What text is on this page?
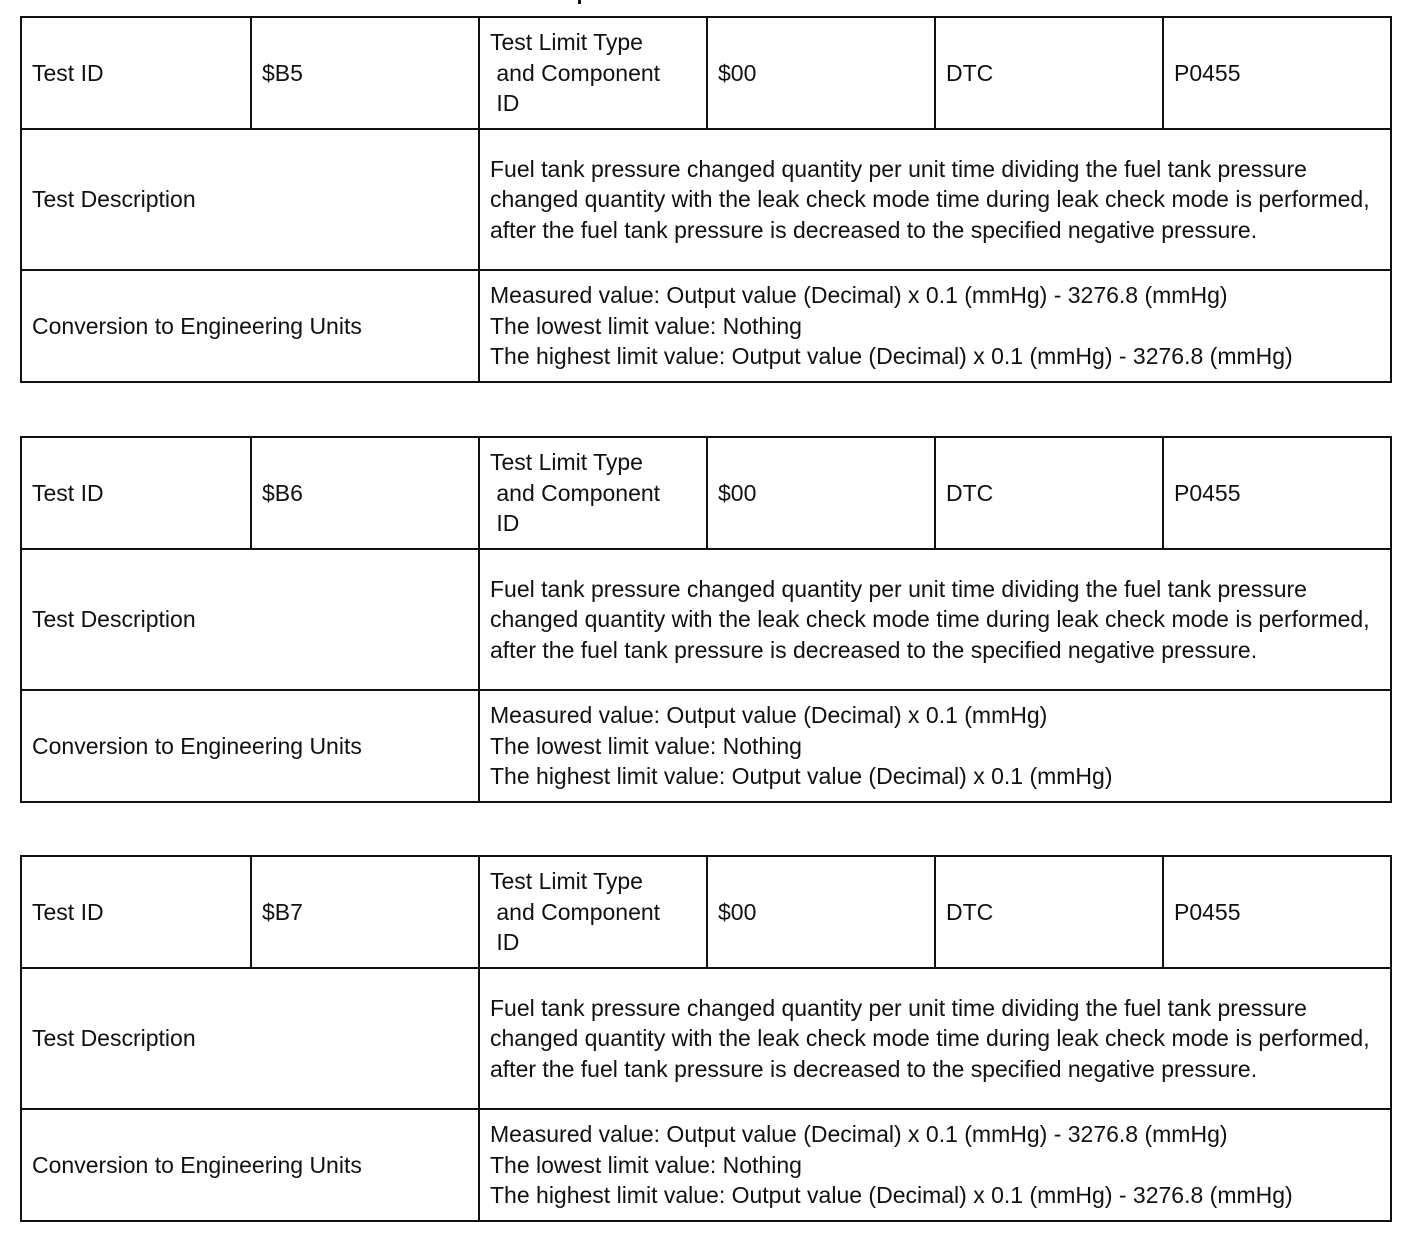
Test ID	$B5	Test Limit Type
and Component
ID	$00	DTC	P0455
Test Description		Fuel tank pressure changed quantity per unit time dividing the fuel tank pressure changed quantity with the leak check mode time during leak check mode is performed, after the fuel tank pressure is decreased to the specified negative pressure.			

Conversion to Engineering Units		Measured value: Output value (Decimal) x 0.1 (mmHg) - 3276.8 (mmHg)
The lowest limit value: Nothing
The highest limit value: Output value (Decimal) x 0.1 (mmHg) - 3276.8 (mmHg)			
Test ID	$B6	Test Limit Type
and Component
ID	$00	DTC	P0455
Test Description		Fuel tank pressure changed quantity per unit time dividing the fuel tank pressure changed quantity with the leak check mode time during leak check mode is performed, after the fuel tank pressure is decreased to the specified negative pressure.			

Conversion to Engineering Units		Measured value: Output value (Decimal) x 0.1 (mmHg)
The lowest limit value: Nothing
The highest limit value: Output value (Decimal) x 0.1 (mmHg)			
Test ID	$B7	Test Limit Type
and Component
ID	$00	DTC	P0455
Test Description		Fuel tank pressure changed quantity per unit time dividing the fuel tank pressure changed quantity with the leak check mode time during leak check mode is performed, after the fuel tank pressure is decreased to the specified negative pressure.			

Conversion to Engineering Units		Measured value: Output value (Decimal) x 0.1 (mmHg) - 3276.8 (mmHg)
The lowest limit value: Nothing
The highest limit value: Output value (Decimal) x 0.1 (mmHg) - 3276.8 (mmHg)			
